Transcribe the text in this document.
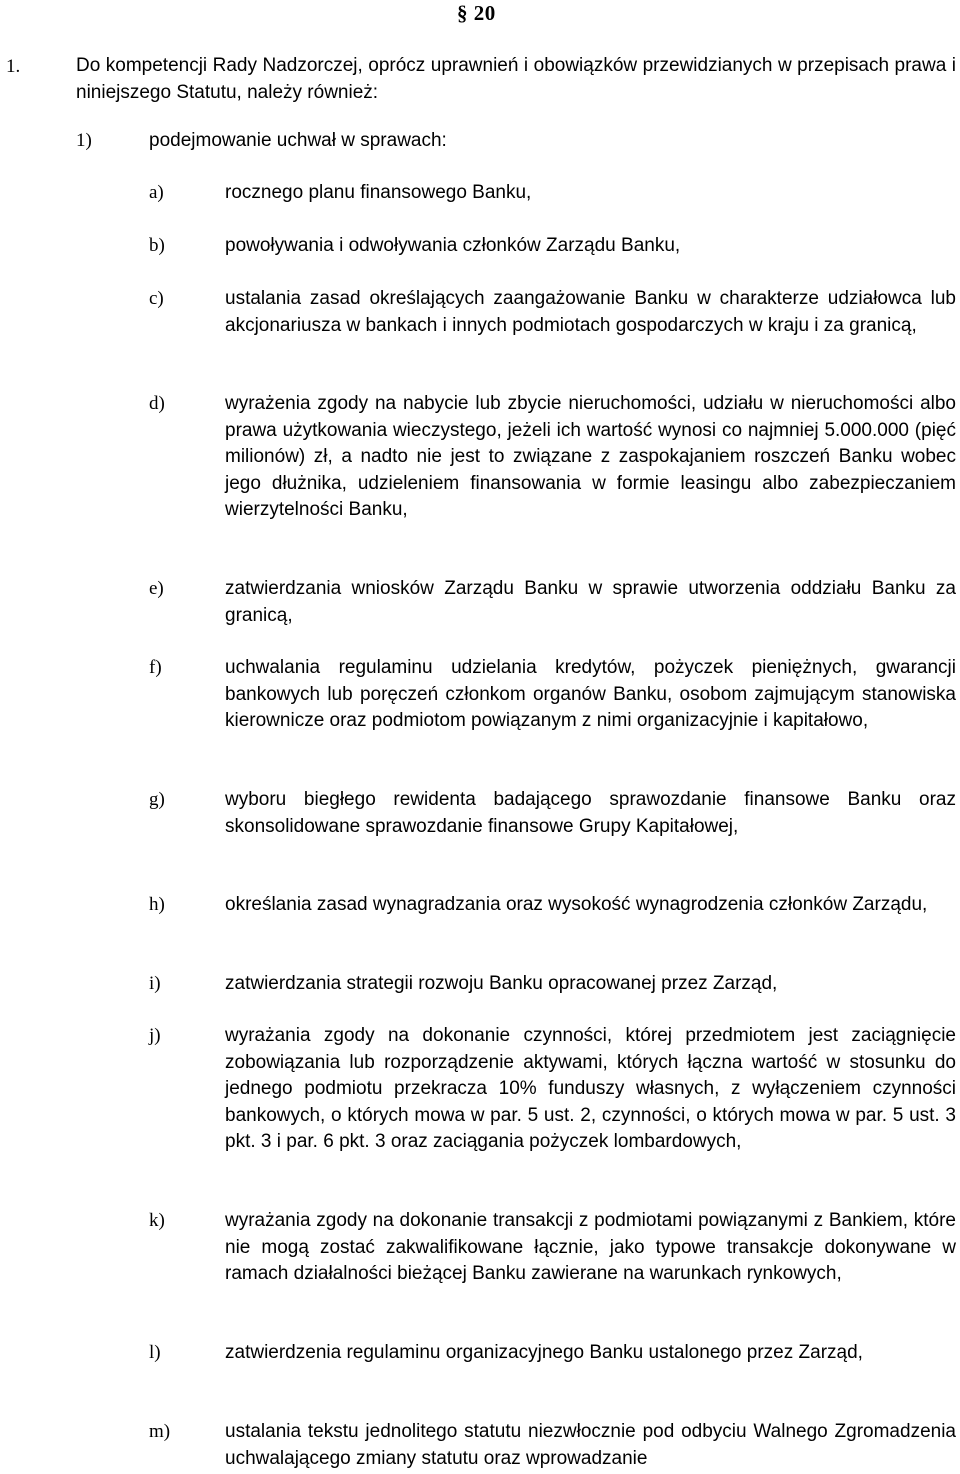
§ 20
1.	Do kompetencji Rady Nadzorczej, oprócz uprawnień i obowiązków przewidzianych w przepisach prawa i niniejszego Statutu, należy również:
1)	podejmowanie uchwał w sprawach:
a)	rocznego planu finansowego Banku,
b)	powoływania i odwoływania członków Zarządu Banku,
c)	ustalania zasad określających zaangażowanie Banku w charakterze udziałowca lub akcjonariusza w bankach i innych podmiotach gospodarczych w kraju i za granicą,
d)	wyrażenia zgody na nabycie lub zbycie nieruchomości, udziału w nieruchomości albo prawa użytkowania wieczystego, jeżeli ich wartość wynosi co najmniej 5.000.000 (pięć milionów) zł, a nadto nie jest to związane z zaspokajaniem roszczeń Banku wobec jego dłużnika, udzieleniem finansowania w formie leasingu albo zabezpieczaniem wierzytelności Banku,
e)	zatwierdzania wniosków Zarządu Banku w sprawie utworzenia oddziału Banku za granicą,
f)	uchwalania regulaminu udzielania kredytów, pożyczek pieniężnych, gwarancji bankowych lub poręczeń członkom organów Banku, osobom zajmującym stanowiska kierownicze oraz podmiotom powiązanym z nimi organizacyjnie i kapitałowo,
g)	wyboru biegłego rewidenta badającego sprawozdanie finansowe Banku oraz skonsolidowane sprawozdanie finansowe Grupy Kapitałowej,
h)	określania zasad wynagradzania oraz wysokość wynagrodzenia członków Zarządu,
i)	zatwierdzania strategii rozwoju Banku opracowanej przez Zarząd,
j)	wyrażania zgody na dokonanie czynności, której przedmiotem jest zaciągnięcie zobowiązania lub rozporządzenie aktywami, których łączna wartość w stosunku do jednego podmiotu przekracza 10% funduszy własnych, z wyłączeniem czynności bankowych, o których mowa w par. 5 ust. 2, czynności, o których mowa w par. 5 ust. 3 pkt. 3 i par. 6 pkt. 3 oraz zaciągania pożyczek lombardowych,
k)	wyrażania zgody na dokonanie transakcji z podmiotami powiązanymi z Bankiem, które nie mogą zostać zakwalifikowane łącznie, jako typowe transakcje dokonywane w ramach działalności bieżącej Banku zawierane na warunkach rynkowych,
l)	zatwierdzenia regulaminu organizacyjnego Banku ustalonego przez Zarząd,
m)	ustalania tekstu jednolitego statutu niezwłocznie pod odbyciu Walnego Zgromadzenia uchwalającego zmiany statutu oraz wprowadzanie
